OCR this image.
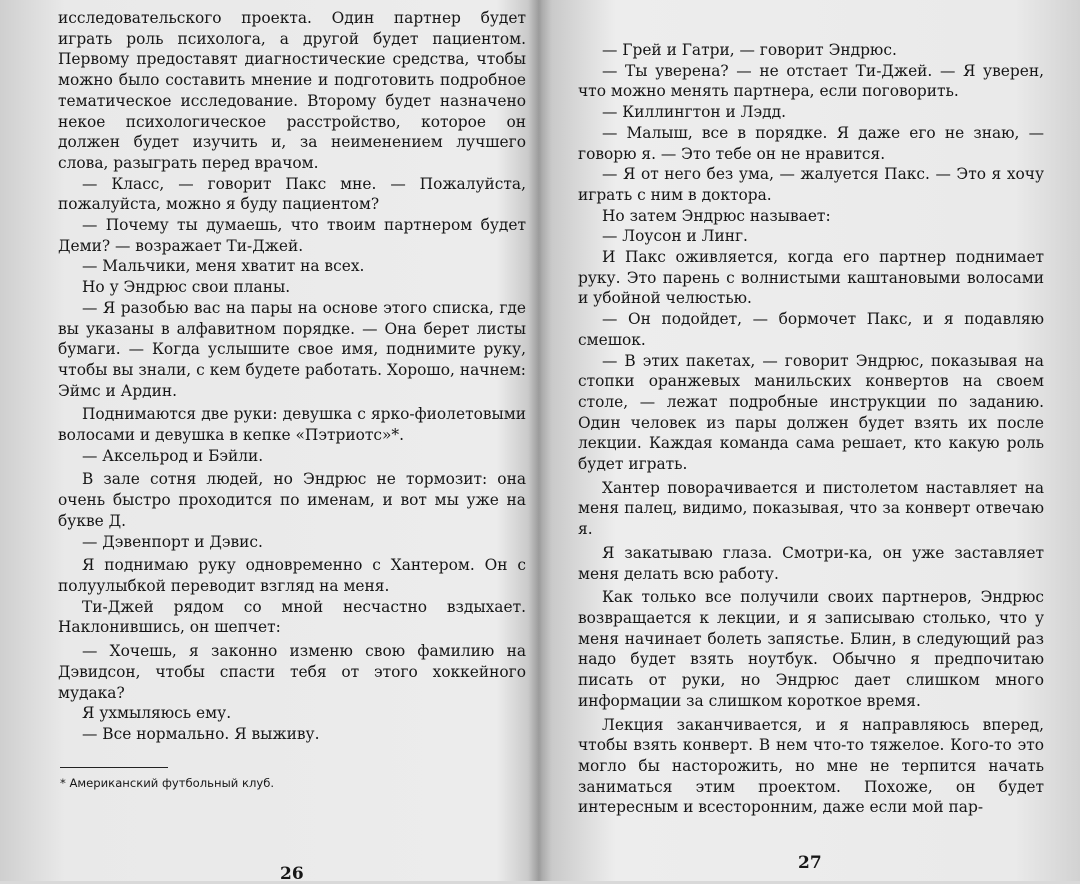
исследовательского проекта. Один партнер будет играть роль психолога, а другой будет пациентом. Первому предоставят диагностические средства, чтобы можно было составить мнение и подготовить подробное тематическое исследование. Второму будет назначено некое психологическое расстройство, которое он должен будет изучить и, за неименением лучшего слова, разыграть перед врачом.

— Класс, — говорит Пакс мне. — Пожалуйста, пожалуйста, можно я буду пациентом?

— Почему ты думаешь, что твоим партнером будет Деми? — возражает Ти-Джей.

— Мальчики, меня хватит на всех.

Но у Эндрюс свои планы.

— Я разобью вас на пары на основе этого списка, где вы указаны в алфавитном порядке. — Она берет листы бумаги. — Когда услышите свое имя, поднимите руку, чтобы вы знали, с кем будете работать. Хорошо, начнем: Эймс и Ардин.

Поднимаются две руки: девушка с ярко-фиолетовыми волосами и девушка в кепке «Пэтриотс»*.

— Аксельрод и Бэйли.

В зале сотня людей, но Эндрюс не тормозит: она очень быстро проходится по именам, и вот мы уже на букве Д.

— Дэвенпорт и Дэвис.

Я поднимаю руку одновременно с Хантером. Он с полуулыбкой переводит взгляд на меня.

Ти-Джей рядом со мной несчастно вздыхает. Наклонившись, он шепчет:

— Хочешь, я законно изменю свою фамилию на Дэвидсон, чтобы спасти тебя от этого хоккейного мудака?

Я ухмыляюсь ему.

— Все нормально. Я выживу.

* Американский футбольный клуб.
26

— Грей и Гатри, — говорит Эндрюс.

— Ты уверена? — не отстает Ти-Джей. — Я уверен, что можно менять партнера, если поговорить.

— Киллингтон и Лэдд.

— Малыш, все в порядке. Я даже его не знаю, — говорю я. — Это тебе он не нравится.

— Я от него без ума, — жалуется Пакс. — Это я хочу играть с ним в доктора.

Но затем Эндрюс называет:

— Лоусон и Линг.

И Пакс оживляется, когда его партнер поднимает руку. Это парень с волнистыми каштановыми волосами и убойной челюстью.

— Он подойдет, — бормочет Пакс, и я подавляю смешок.

— В этих пакетах, — говорит Эндрюс, показывая на стопки оранжевых манильских конвертов на своем столе, — лежат подробные инструкции по заданию. Один человек из пары должен будет взять их после лекции. Каждая команда сама решает, кто какую роль будет играть.

Хантер поворачивается и пистолетом наставляет на меня палец, видимо, показывая, что за конверт отвечаю я.

Я закатываю глаза. Смотри-ка, он уже заставляет меня делать всю работу.

Как только все получили своих партнеров, Эндрюс возвращается к лекции, и я записываю столько, что у меня начинает болеть запястье. Блин, в следующий раз надо будет взять ноутбук. Обычно я предпочитаю писать от руки, но Эндрюс дает слишком много информации за слишком короткое время.

Лекция заканчивается, и я направляюсь вперед, чтобы взять конверт. В нем что-то тяжелое. Кого-то это могло бы насторожить, но мне не терпится начать заниматься этим проектом. Похоже, он будет интересным и всесторонним, даже если мой пар-

27
